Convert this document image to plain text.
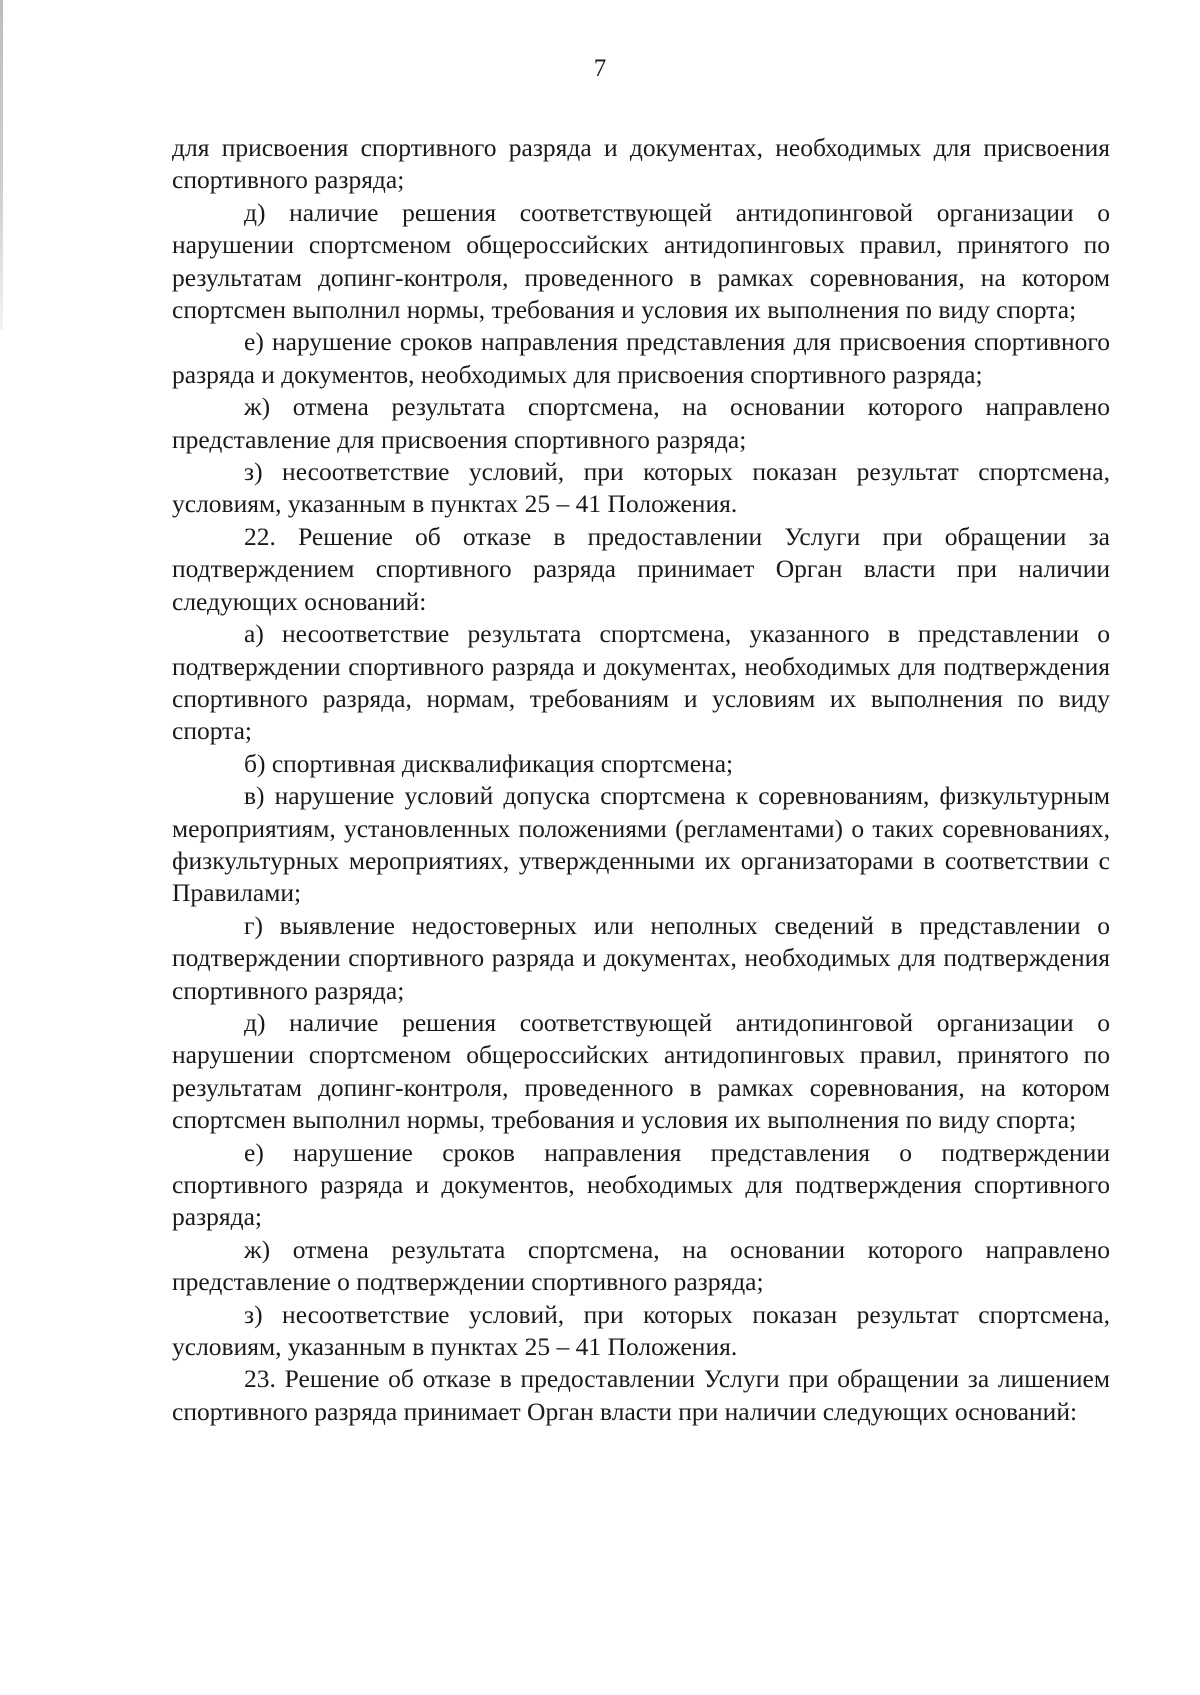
7

для присвоения спортивного разряда и документах, необходимых для присвоения спортивного разряда;

д) наличие решения соответствующей антидопинговой организации о нарушении спортсменом общероссийских антидопинговых правил, принятого по результатам допинг-контроля, проведенного в рамках соревнования, на котором спортсмен выполнил нормы, требования и условия их выполнения по виду спорта;

е) нарушение сроков направления представления для присвоения спортивного разряда и документов, необходимых для присвоения спортивного разряда;

ж) отмена результата спортсмена, на основании которого направлено представление для присвоения спортивного разряда;

з) несоответствие условий, при которых показан результат спортсмена, условиям, указанным в пунктах 25 – 41 Положения.

22. Решение об отказе в предоставлении Услуги при обращении за подтверждением спортивного разряда принимает Орган власти при наличии следующих оснований:

а) несоответствие результата спортсмена, указанного в представлении о подтверждении спортивного разряда и документах, необходимых для подтверждения спортивного разряда, нормам, требованиям и условиям их выполнения по виду спорта;

б) спортивная дисквалификация спортсмена;

в) нарушение условий допуска спортсмена к соревнованиям, физкультурным мероприятиям, установленных положениями (регламентами) о таких соревнованиях, физкультурных мероприятиях, утвержденными их организаторами в соответствии с Правилами;

г) выявление недостоверных или неполных сведений в представлении о подтверждении спортивного разряда и документах, необходимых для подтверждения спортивного разряда;

д) наличие решения соответствующей антидопинговой организации о нарушении спортсменом общероссийских антидопинговых правил, принятого по результатам допинг-контроля, проведенного в рамках соревнования, на котором спортсмен выполнил нормы, требования и условия их выполнения по виду спорта;

е) нарушение сроков направления представления о подтверждении спортивного разряда и документов, необходимых для подтверждения спортивного разряда;

ж) отмена результата спортсмена, на основании которого направлено представление о подтверждении спортивного разряда;

з) несоответствие условий, при которых показан результат спортсмена, условиям, указанным в пунктах 25 – 41 Положения.

23. Решение об отказе в предоставлении Услуги при обращении за лишением спортивного разряда принимает Орган власти при наличии следующих оснований:
